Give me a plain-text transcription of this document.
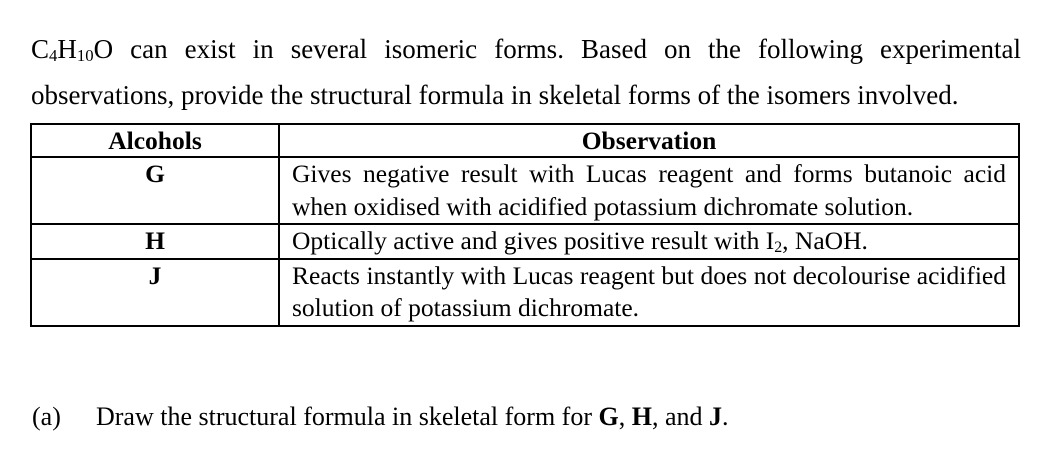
$C_4H_{10}O$ can exist in several isomeric forms. Based on the following experimental

observations, provide the structural formula in skeletal forms of the isomers involved.

Alcohols	Observation
G	Gives negative result with Lucas reagent and forms butanoic acid when oxidised with acidified potassium dichromate solution.
H	Optically active and gives positive result with $I_2$, NaOH.
J	Reacts instantly with Lucas reagent but does not decolourise acidified solution of potassium dichromate.
(a) Draw the structural formula in skeletal form for G, H, and J.
